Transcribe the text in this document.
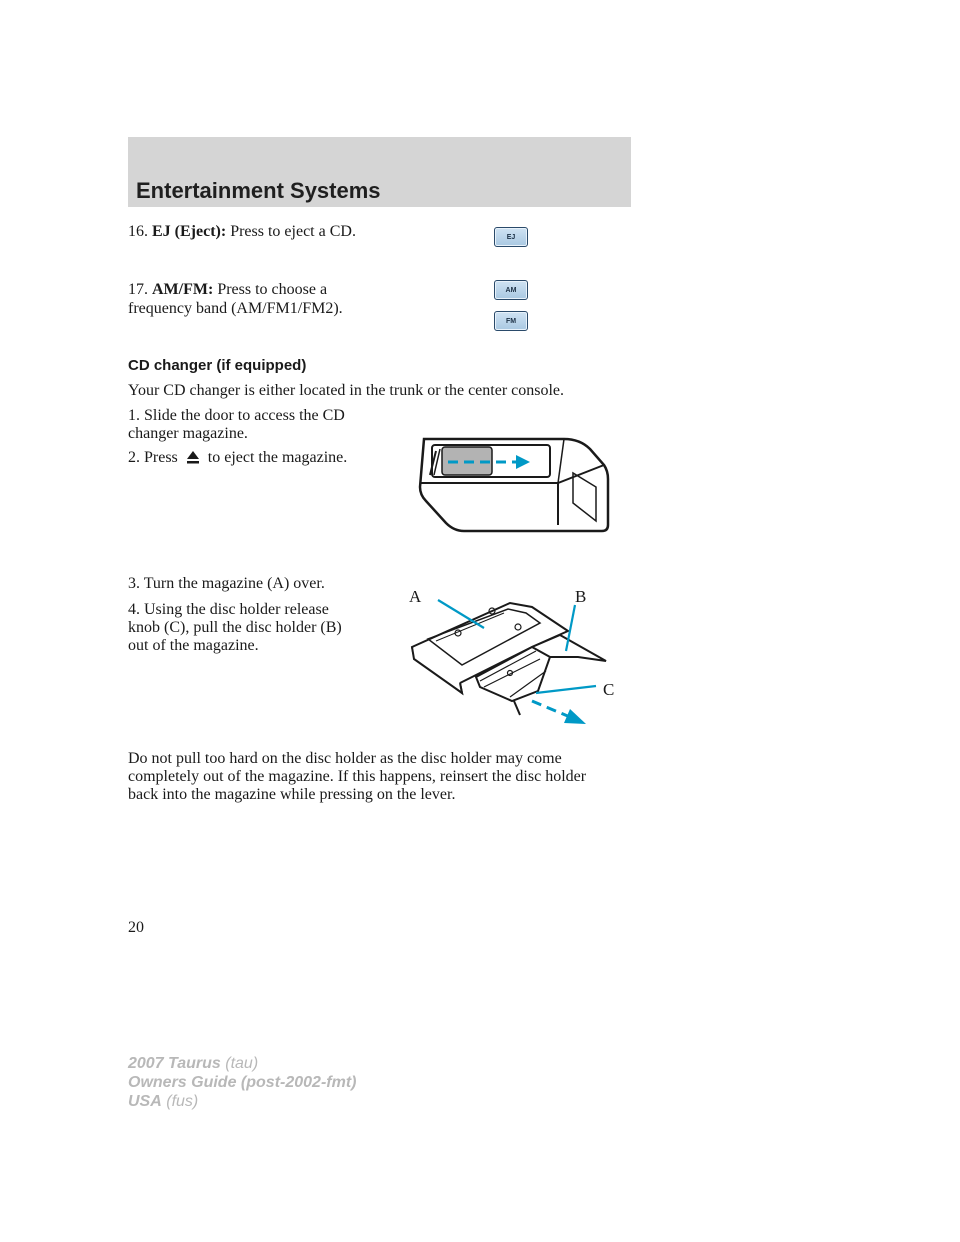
Entertainment Systems
16. EJ (Eject): Press to eject a CD.	EJ
17. AM/FM: Press to choose a
frequency band (AM/FM1/FM2).
AM
FM
CD changer (if equipped)
Your CD changer is either located in the trunk or the center console.
1. Slide the door to access the CD
changer magazine.
2. Press to eject the magazine.
3. Turn the magazine (A) over.
4. Using the disc holder release
knob (C), pull the disc holder (B)
out of the magazine.
A	B
C
Do not pull too hard on the disc holder as the disc holder may come
completely out of the magazine. If this happens, reinsert the disc holder
back into the magazine while pressing on the lever.
20
2007 Taurus (tau)
Owners Guide (post-2002-fmt)
USA (fus)
